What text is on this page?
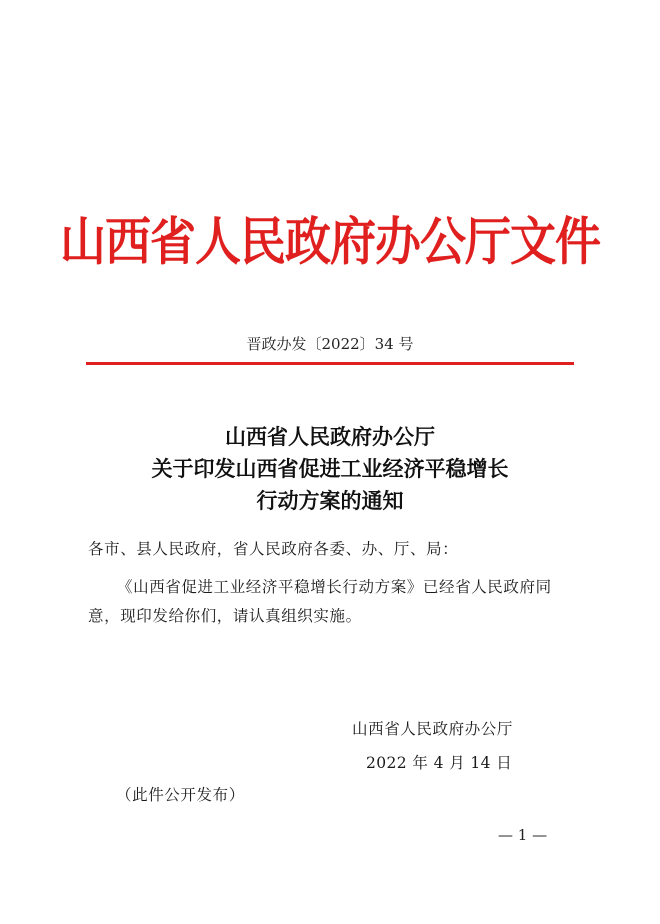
山西省人民政府办公厅文件
晋政办发〔2022〕34 号
山西省人民政府办公厅
关于印发山西省促进工业经济平稳增长
行动方案的通知
各市、县人民政府，省人民政府各委、办、厅、局：
《山西省促进工业经济平稳增长行动方案》已经省人民政府同
意，现印发给你们，请认真组织实施。
山西省人民政府办公厅
2022 年 4 月 14 日
（此件公开发布）
— 1 —
